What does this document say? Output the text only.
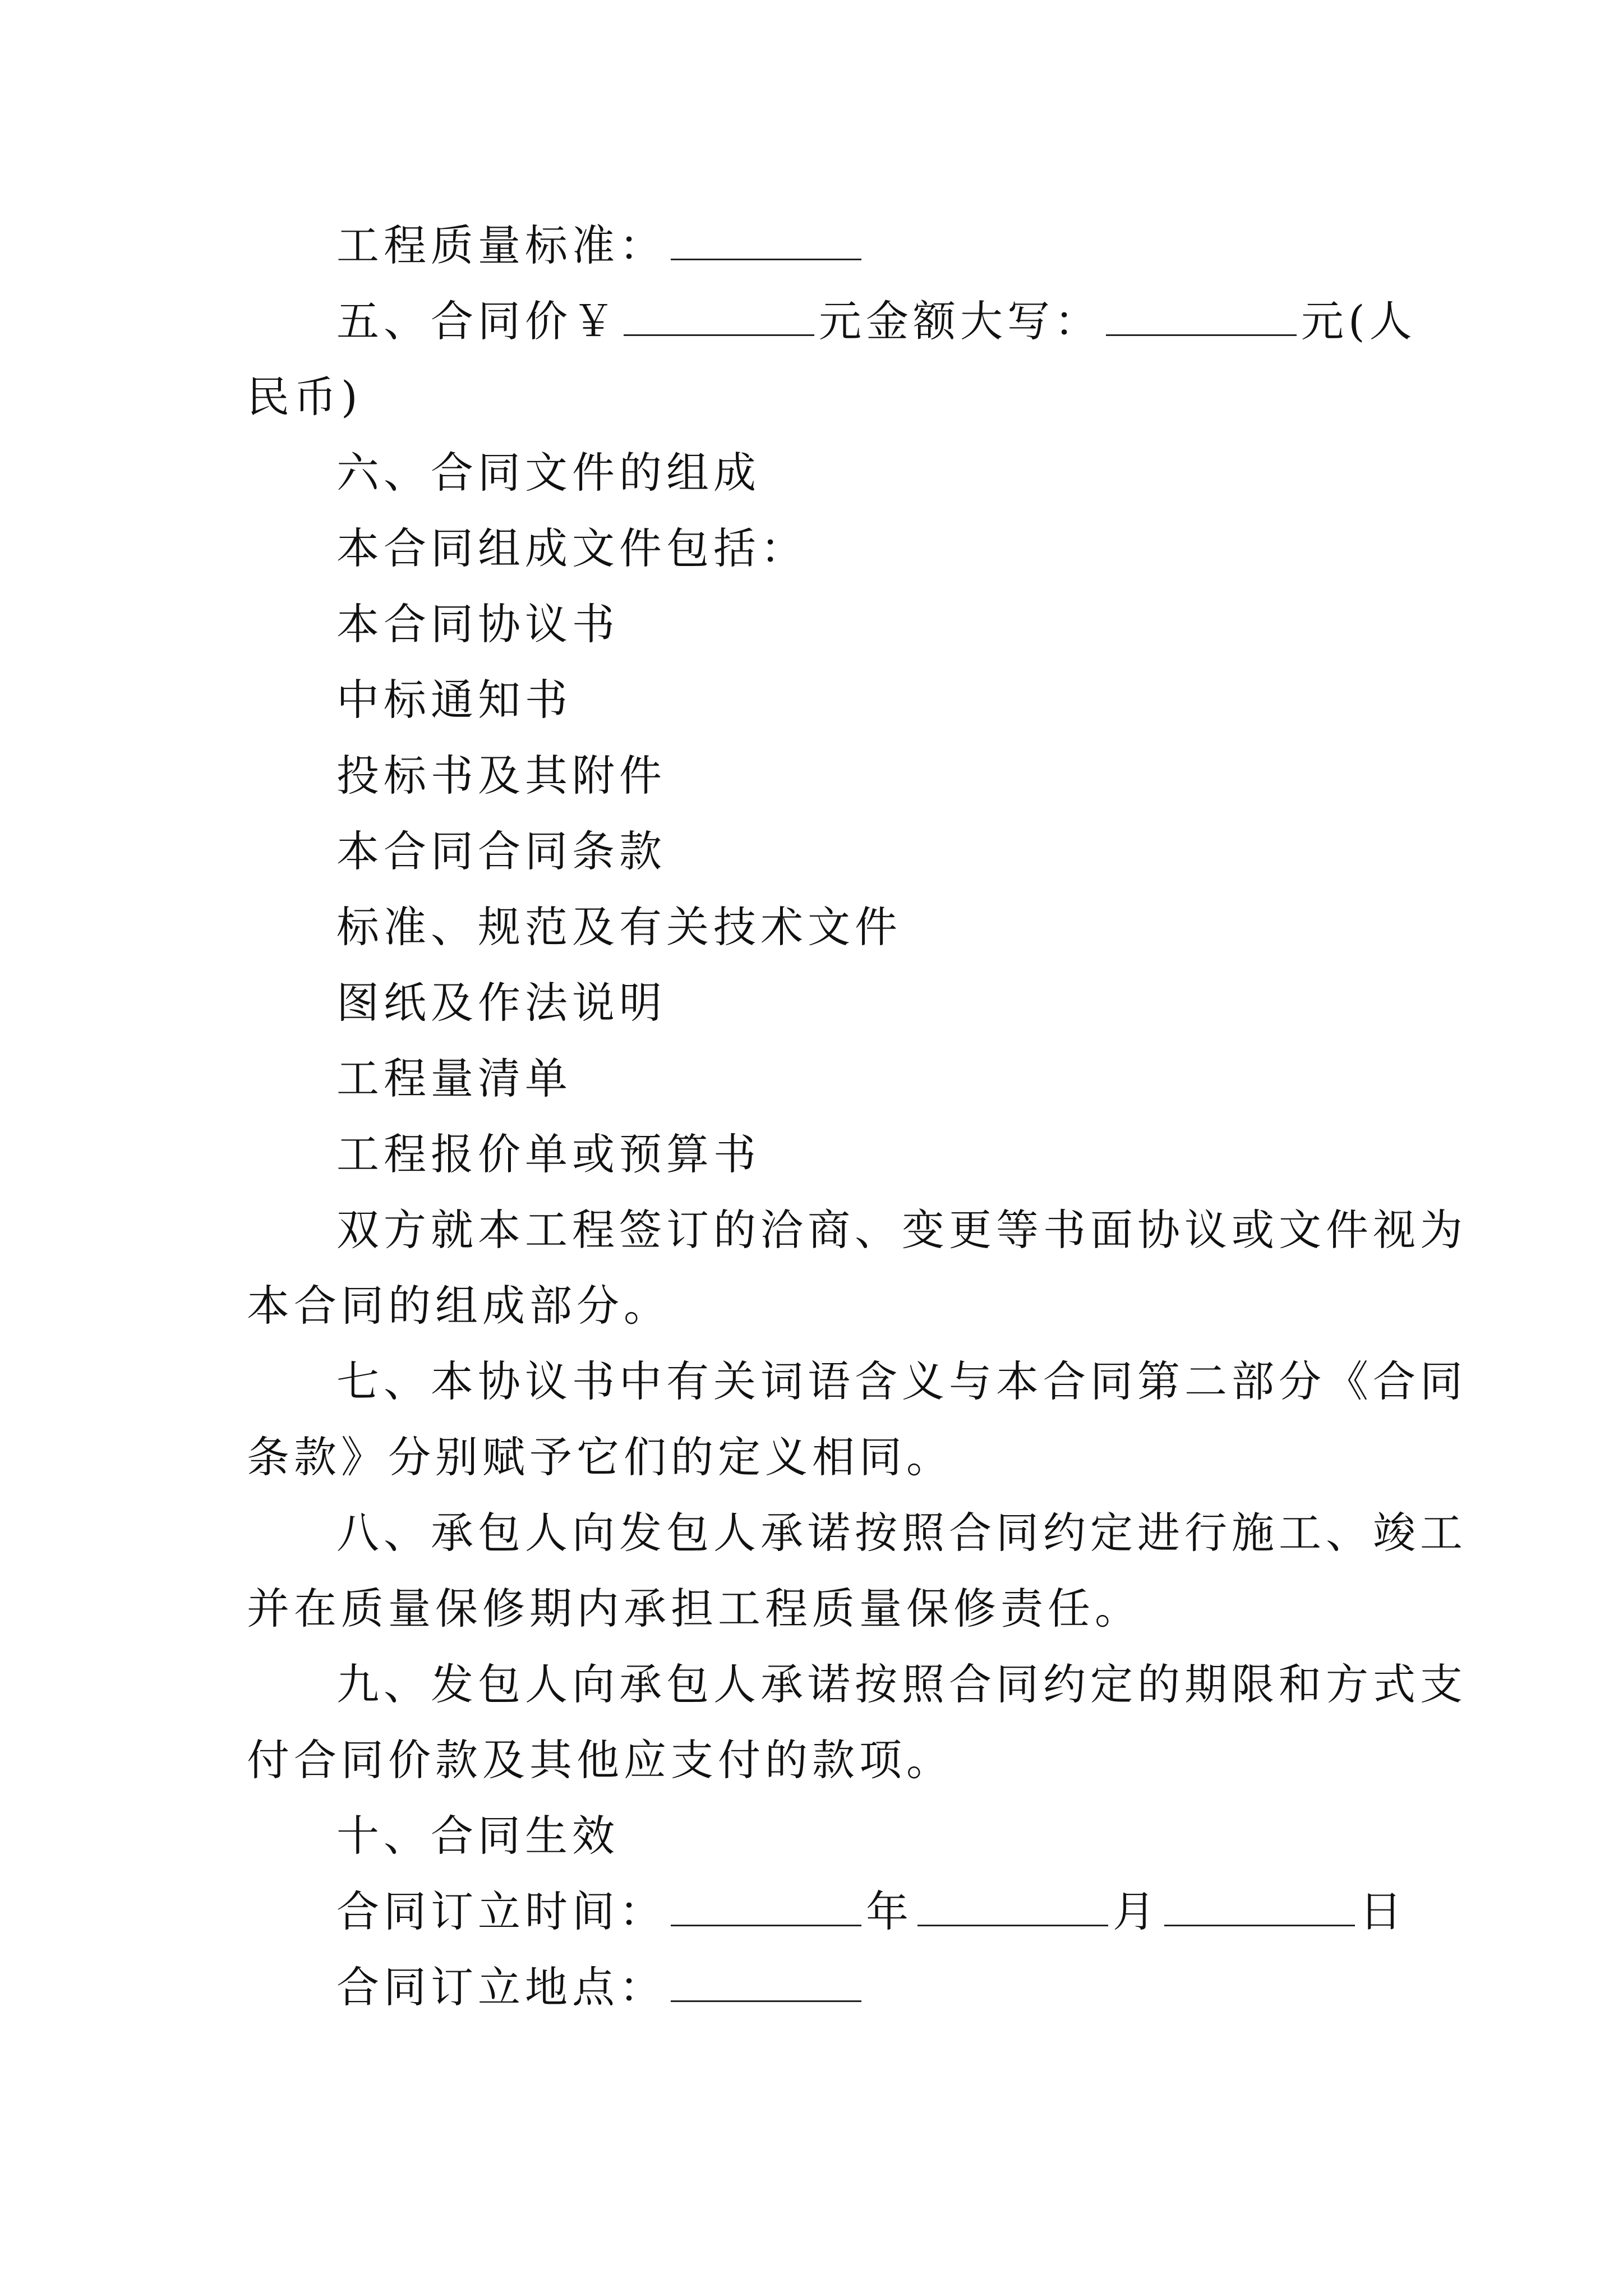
工程质量标准：
五、合同价￥	元金额大写：	元(人
民币)
六、合同文件的组成
本合同组成文件包括：
本合同协议书
中标通知书
投标书及其附件
本合同合同条款
标准、规范及有关技术文件
图纸及作法说明
工程量清单
工程报价单或预算书
双方就本工程签订的洽商、变更等书面协议或文件视为
本合同的组成部分。
七、本协议书中有关词语含义与本合同第二部分《合同
条款》分别赋予它们的定义相同。
八、承包人向发包人承诺按照合同约定进行施工、竣工
并在质量保修期内承担工程质量保修责任。
九、发包人向承包人承诺按照合同约定的期限和方式支
付合同价款及其他应支付的款项。
十、合同生效
合同订立时间：	年	月	日
合同订立地点：
